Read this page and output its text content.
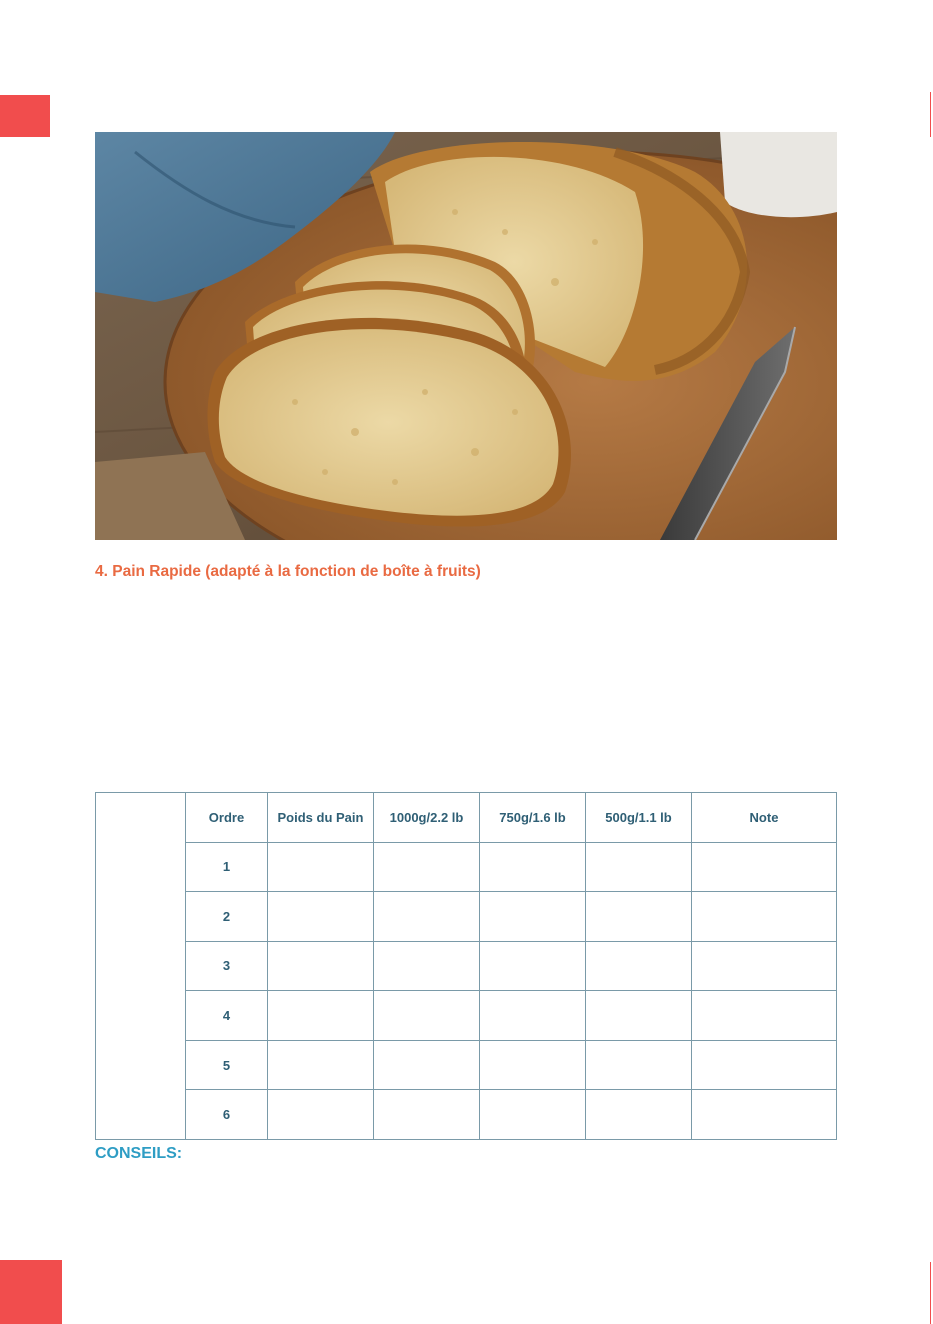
4. Pain Rapide (adapté à la fonction de boîte à fruits)
	Ordre	Poids du Pain	1000g/2.2 lb	750g/1.6 lb	500g/1.1 lb	Note
	1					
	2					
	3					
	4					
	5					
	6					

CONSEILS:
